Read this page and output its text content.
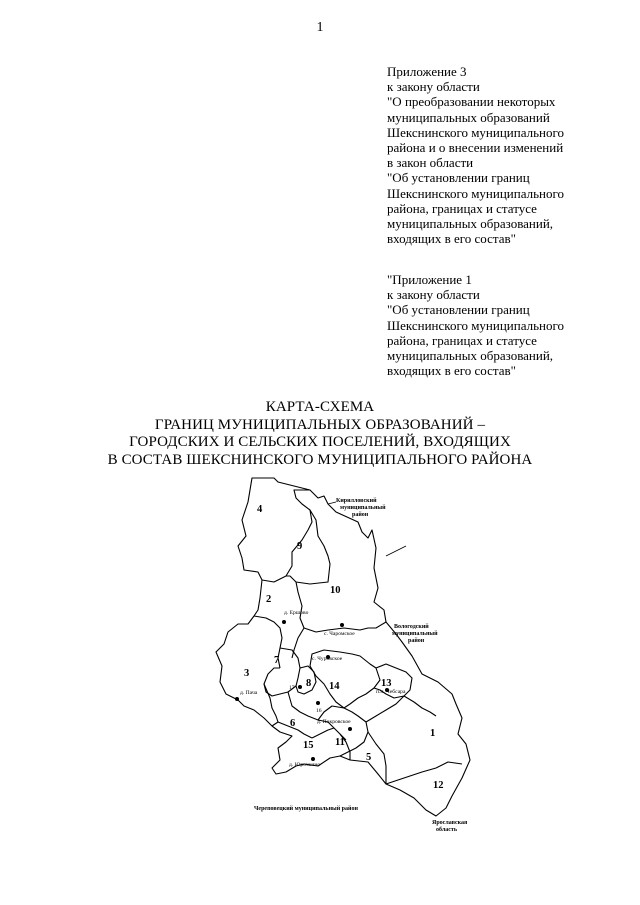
1
Приложение 3
к закону области
"О преобразовании некоторых
муниципальных образований
Шекснинского муниципального
района и о внесении изменений
в закон области
"Об установлении границ
Шекснинского муниципального
района, границах и статусе
муниципальных образований,
входящих в его состав"
"Приложение 1
к закону области
"Об установлении границ
Шекснинского муниципального
района, границах и статусе
муниципальных образований,
входящих в его состав"
КАРТА-СХЕМА
ГРАНИЦ МУНИЦИПАЛЬНЫХ ОБРАЗОВАНИЙ –
ГОРОДСКИХ И СЕЛЬСКИХ ПОСЕЛЕНИЙ, ВХОДЯЩИХ
В СОСТАВ ШЕКСНИНСКОГО МУНИЦИПАЛЬНОГО РАЙОНА
4
9
10
2
3
7
8 14	13
6
15 11
5
1
12
17
16
д. Ершово
с. Чаромское
с. Чуровское
д. Пача
д. Покровское
п.п. Чебсара
д. Юрочкино
Кирилловский
муниципальный
район
Вологодский
муниципальный
район
Череповецкий муниципальный район
Ярославская
область
